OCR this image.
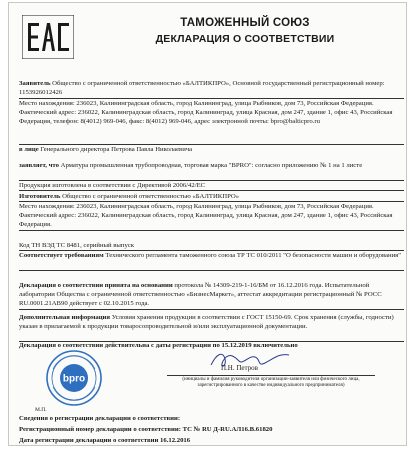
ТАМОЖЕННЫЙ СОЮЗ
ДЕКЛАРАЦИЯ О СООТВЕТСТВИИ
Заявитель Общество с ограниченной ответственностью «БАЛТИКПРО», Основной государственный регистрационный номер: 1153926012426
Место нахождения: 236023, Калининградская область, город Калининград, улица Рыбников, дом 73, Российская Федерация. Фактический адрес: 236022, Калининградская область, город Калининград, улица Красная, дом 247, здание 1, офис 43, Российская Федерация, телефон: 8(4012) 969-046, факс: 8(4012) 969-046, адрес электронной почты: bpro@balticpro.ru
в лице Генерального директора Петрова Павла Николаевича
заявляет, что Арматура промышленная трубопроводная, торговая марка "BPRO": согласно приложению № 1 на 1 листе
Продукция изготовлена в соответствии с Директивой 2006/42/ЕС
Изготовитель Общество с ограниченной ответственностью «БАЛТИКПРО»
Место нахождения: 236023, Калининградская область, город Калининград, улица Рыбников, дом 73, Российская Федерация. Фактический адрес: 236022, Калининградская область, город Калининград, улица Красная, дом 247, здание 1, офис 43, Российская Федерация.
Код ТН ВЭД ТС 8481, серийный выпуск
Соответствует требованиям Технического регламента таможенного союза ТР ТС 010/2011 "О безопасности машин и оборудования"
Декларация о соответствии принята на основании протокола № 14309-219-1-16/БМ от 16.12.2016 года. Испытательной лаборатории Общества с ограниченной ответственностью «БизнесМаркет», аттестат аккредитации регистрационный № РОСС RU.0001.21АВ90 действует с 02.10.2015 года.
Дополнительная информация Условия хранения продукции в соответствии с ГОСТ 15150-69. Срок хранения (службы, годности) указан в прилагаемой к продукции товаросопроводительной и/или эксплуатационной документации.
Декларация о соответствии действительна с даты регистрации по 15.12.2019 включительно
bpro
М.П.
П.Н. Петров
(инициалы и фамилия руководителя организации-заявителя или физического лица,
зарегистрированного в качестве индивидуального предпринимателя)
Сведения о регистрации декларации о соответствии:
Регистрационный номер декларации о соответствии: ТС № RU Д-RU.АЛ16.В.61820
Дата регистрации декларации о соответствии 16.12.2016
